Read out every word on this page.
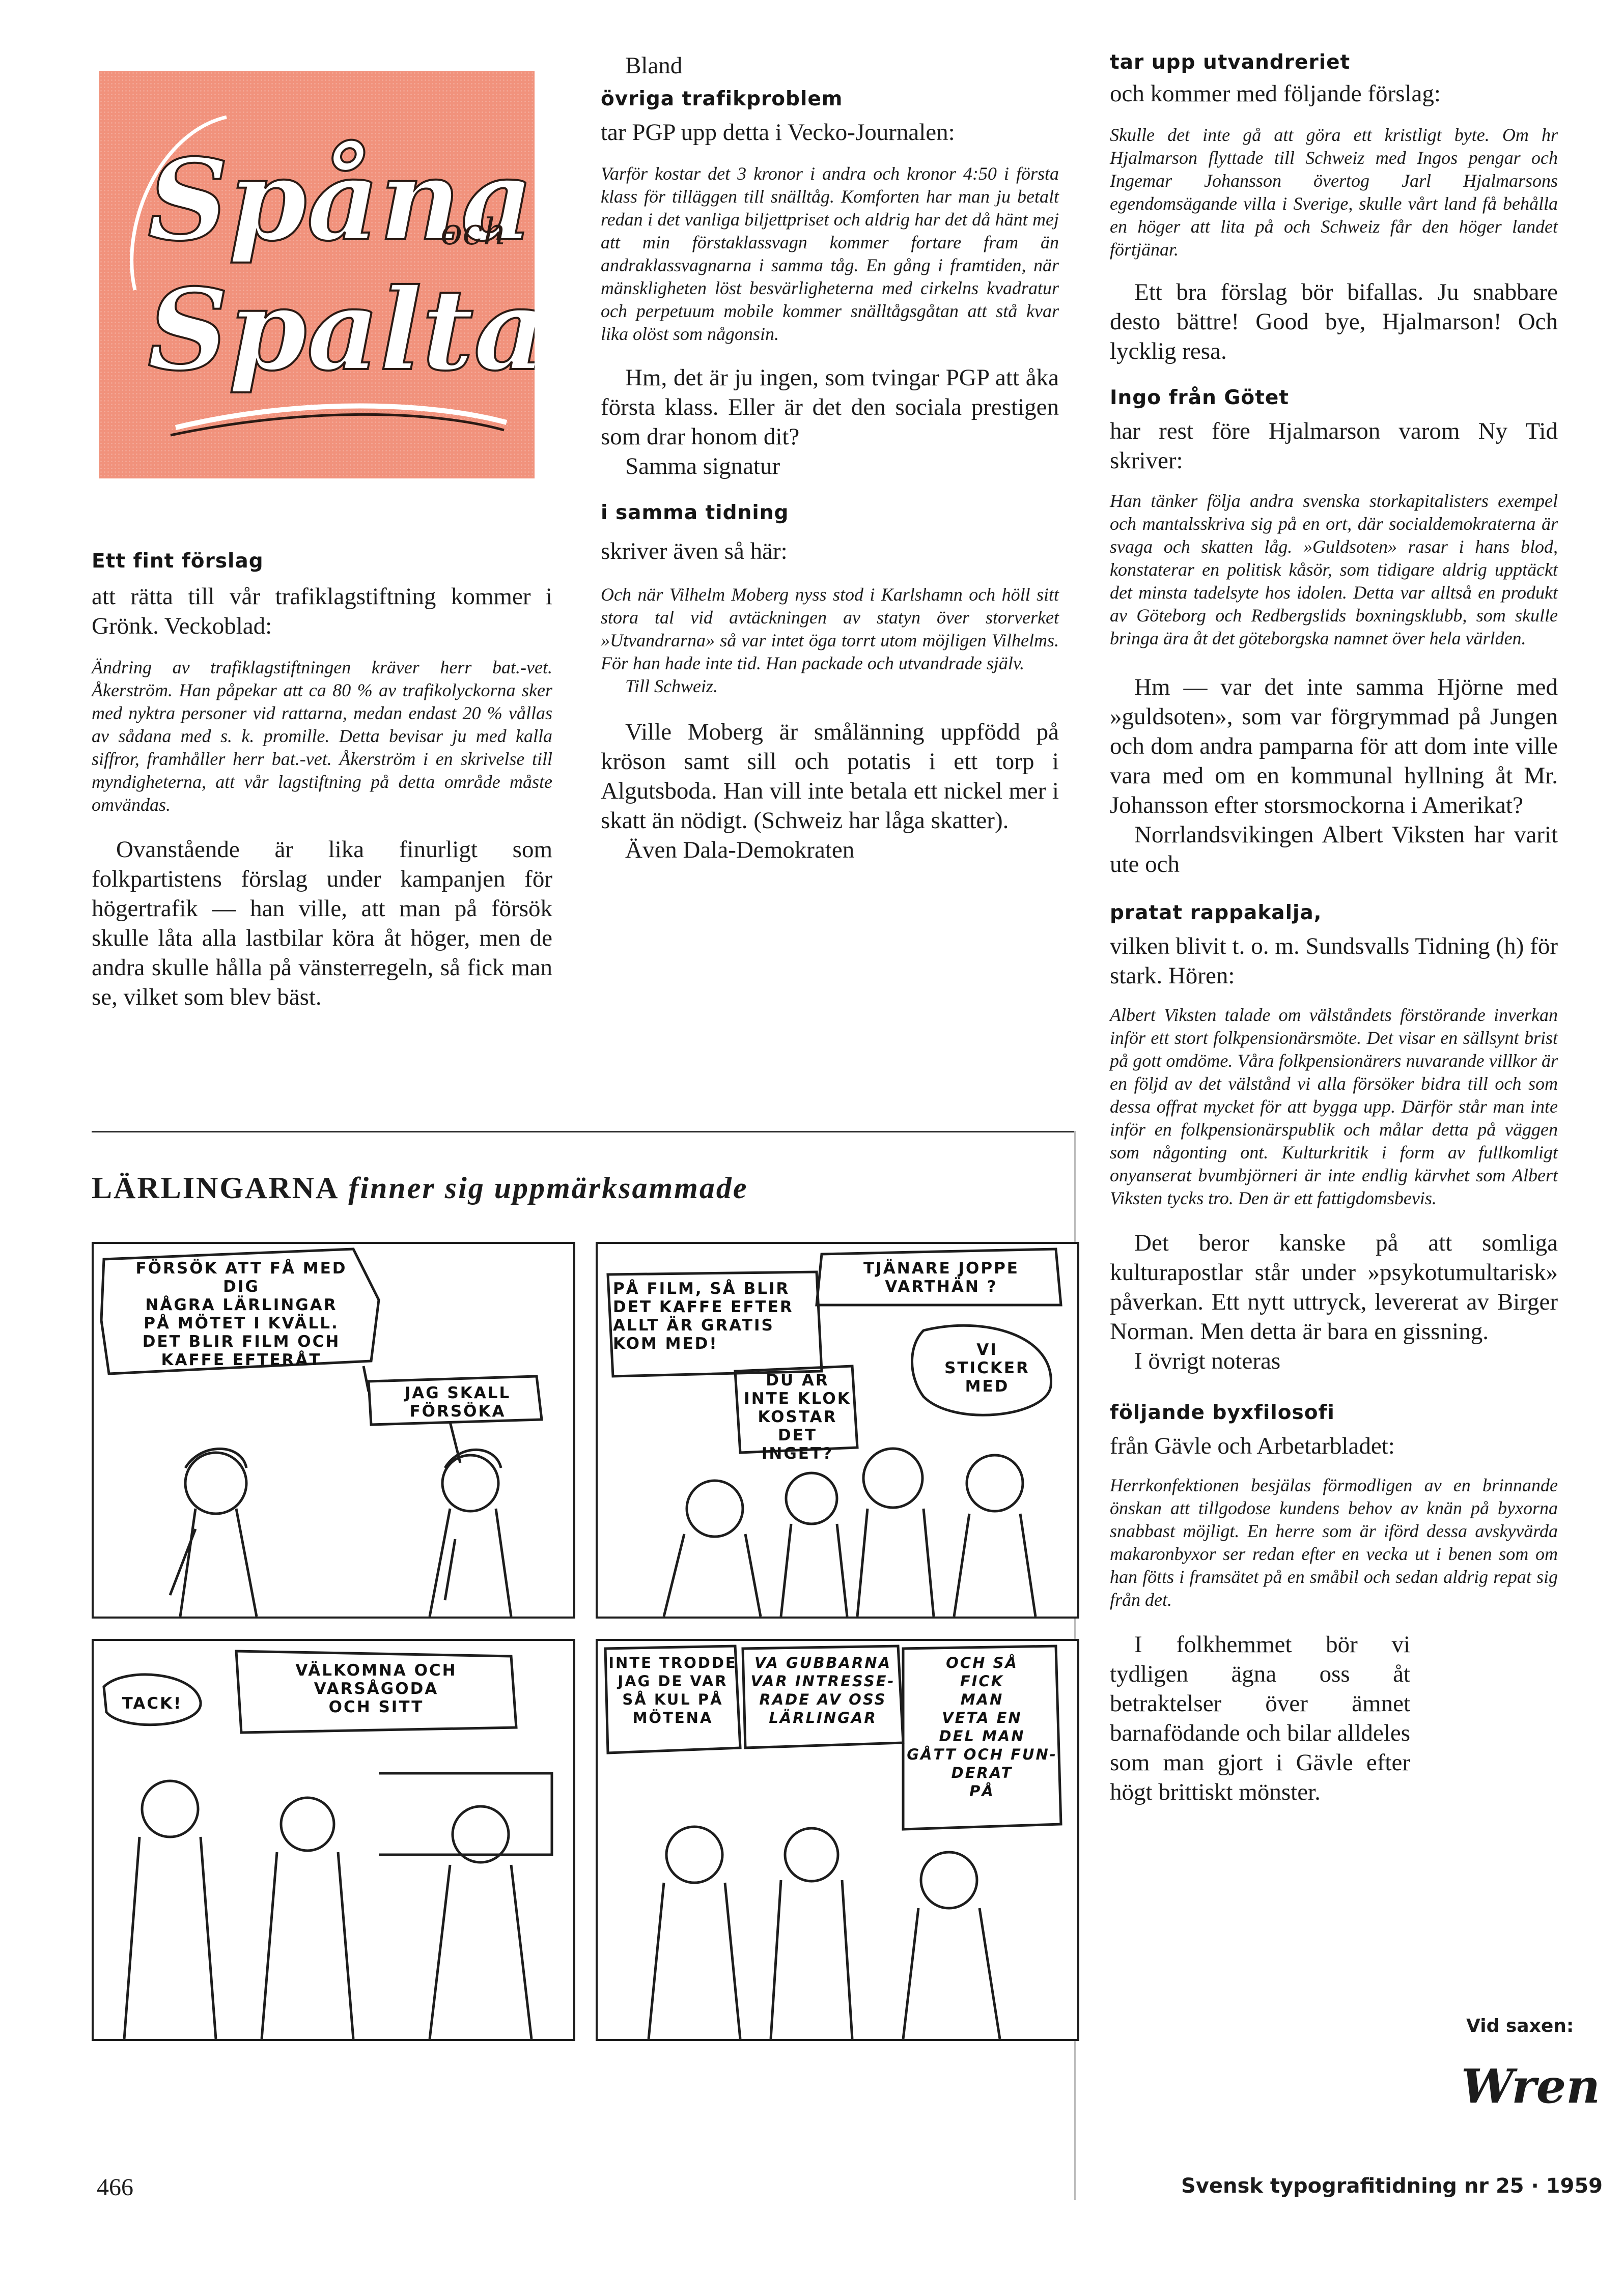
Spåna
och
Spalt

Ett fint förslag

att rätta till vår trafiklagstiftning kommer i Grönk. Veckoblad:

Ändring av trafiklagstiftningen kräver herr bat.-vet. Åkerström. Han påpekar att ca 80 % av trafikolyckorna sker med nyktra personer vid rattarna, medan endast 20 % vållas av sådana med s. k. promille. Detta bevisar ju med kalla siffror, framhåller herr bat.-vet. Åkerström i en skrivelse till myndigheterna, att vår lagstiftning på detta område måste omvändas.

Ovanstående är lika finurligt som folkpartistens förslag under kampanjen för högertrafik — han ville, att man på försök skulle låta alla lastbilar köra åt höger, men de andra skulle hålla på vänsterregeln, så fick man se, vilket som blev bäst.

Bland

övriga trafikproblem

tar PGP upp detta i Vecko-Journalen:

Varför kostar det 3 kronor i andra och kronor 4:50 i första klass för tilläggen till snälltåg. Komforten har man ju betalt redan i det vanliga biljettpriset och aldrig har det då hänt mej att min förstaklassvagn kommer fortare fram än andraklassvagnarna i samma tåg. En gång i framtiden, när mänskligheten löst besvärligheterna med cirkelns kvadratur och perpetuum mobile kommer snälltågsgåtan att stå kvar lika olöst som någonsin.

Hm, det är ju ingen, som tvingar PGP att åka första klass. Eller är det den sociala prestigen som drar honom dit?

Samma signatur

i samma tidning

skriver även så här:

Och när Vilhelm Moberg nyss stod i Karlshamn och höll sitt stora tal vid avtäckningen av statyn över storverket »Utvandrarna» så var intet öga torrt utom möjligen Vilhelms. För han hade inte tid. Han packade och utvandrade själv.

Till Schweiz.

Ville Moberg är smålänning uppfödd på kröson samt sill och potatis i ett torp i Algutsboda. Han vill inte betala ett nickel mer i skatt än nödigt. (Schweiz har låga skatter).

Även Dala-Demokraten

tar upp utvandreriet

och kommer med följande förslag:

Skulle det inte gå att göra ett kristligt byte. Om hr Hjalmarson flyttade till Schweiz med Ingos pengar och Ingemar Johansson övertog Jarl Hjalmarsons egendomsägande villa i Sverige, skulle vårt land få behålla en höger att lita på och Schweiz får den höger landet förtjänar.

Ett bra förslag bör bifallas. Ju snabbare desto bättre! Good bye, Hjalmarson! Och lycklig resa.

Ingo från Götet

har rest före Hjalmarson varom Ny Tid skriver:

Han tänker följa andra svenska storkapitalisters exempel och mantalsskriva sig på en ort, där socialdemokraterna är svaga och skatten låg. »Guldsoten» rasar i hans blod, konstaterar en politisk kåsör, som tidigare aldrig upptäckt det minsta tadelsyte hos idolen. Detta var alltså en produkt av Göteborg och Redbergslids boxningsklubb, som skulle bringa ära åt det göteborgska namnet över hela världen.

Hm — var det inte samma Hjörne med »guldsoten», som var förgrymmad på Jungen och dom andra pamparna för att dom inte ville vara med om en kommunal hyllning åt Mr. Johansson efter storsmockorna i Amerikat?

Norrlandsvikingen Albert Viksten har varit ute och

pratat rappakalja,

vilken blivit t. o. m. Sundsvalls Tidning (h) för stark. Hören:

Albert Viksten talade om välståndets förstörande inverkan inför ett stort folkpensionärsmöte. Det visar en sällsynt brist på gott omdöme. Våra folkpensionärers nuvarande villkor är en följd av det välstånd vi alla försöker bidra till och som dessa offrat mycket för att bygga upp. Därför står man inte inför en folkpensionärspublik och målar detta på väggen som någonting ont. Kulturkritik i form av fullkomligt onyanserat bvumbjörneri är inte endlig kärvhet som Albert Viksten tycks tro. Den är ett fattigdomsbevis.

Det beror kanske på att somliga kulturapostlar står under »psykotumultarisk» påverkan. Ett nytt uttryck, levererat av Birger Norman. Men detta är bara en gissning.

I övrigt noteras

följande byxfilosofi

från Gävle och Arbetarbladet:

Herrkonfektionen besjälas förmodligen av en brinnande önskan att tillgodose kundens behov av knän på byxorna snabbast möjligt. En herre som är iförd dessa avskyvärda makaronbyxor ser redan efter en vecka ut i benen som om han fötts i framsätet på en småbil och sedan aldrig repat sig från det.

I folkhemmet bör vi tydligen ägna oss åt betraktelser över ämnet barnafödande och bilar alldeles som man gjort i Gävle efter högt brittiskt mönster.

Vid saxen:
Wren
LÄRLINGARNA finner sig uppmärksammade
FÖRSÖK ATT FÅ MED DIG
NÅGRA LÄRLINGAR
PÅ MÖTET I KVÄLL.
DET BLIR FILM OCH
KAFFE EFTERÅT
JAG SKALL
FÖRSÖKA
TJÄNARE JOPPE
VARTHÄN ?
PÅ FILM, SÅ BLIR
DET KAFFE EFTER
ALLT ÄR GRATIS
KOM MED!
DU ÄR
INTE KLOK
KOSTAR DET
INGET?
VI
STICKER
MED
TACK!
VÄLKOMNA OCH
VARSÅGODA
OCH SITT
INTE TRODDE
JAG DE VAR
SÅ KUL PÅ
MÖTENA
VA GUBBARNA
VAR INTRESSE-
RADE AV OSS
LÄRLINGAR
OCH SÅ
FICK
MAN
VETA EN
DEL MAN
GÅTT OCH FUN-
DERAT
PÅ
466	Svensk typografitidning nr 25 · 1959
